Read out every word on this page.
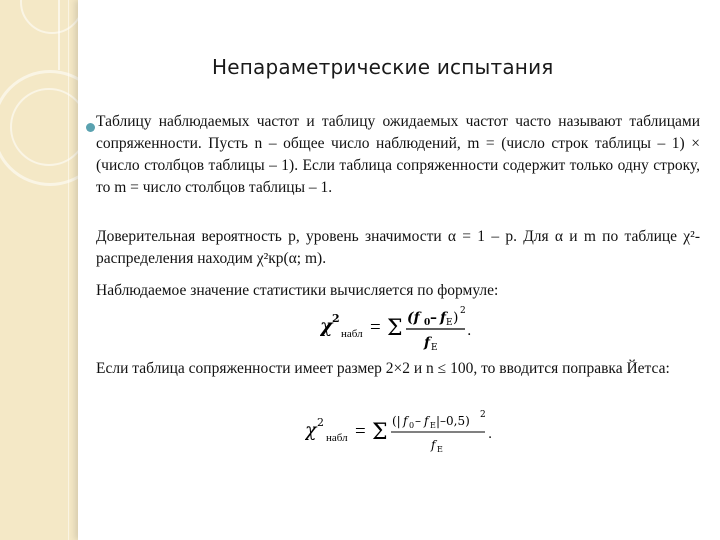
Непараметрические испытания

Таблицу наблюдаемых частот и таблицу ожидаемых частот часто называют таблицами сопряженности. Пусть n – общее число наблюдений, m = (число строк таблицы – 1) × (число столбцов таблицы – 1). Если таблица сопряженности содержит только одну строку, то m = число столбцов таблицы – 1.

Доверительная вероятность p, уровень значимости α = 1 – p. Для α и m по таблице χ²-распределения находим χ²кр(α; m).

Наблюдаемое значение статистики вычисляется по формуле:

Если таблица сопряженности имеет размер 2×2 и n ≤ 100, то вводится поправка Йетса:

χ 2
набл = Σ (f 0 – f E ) 2
f E
.
χ 2
набл = Σ (| f 0 – f E |–0,5) 2
f E
.
